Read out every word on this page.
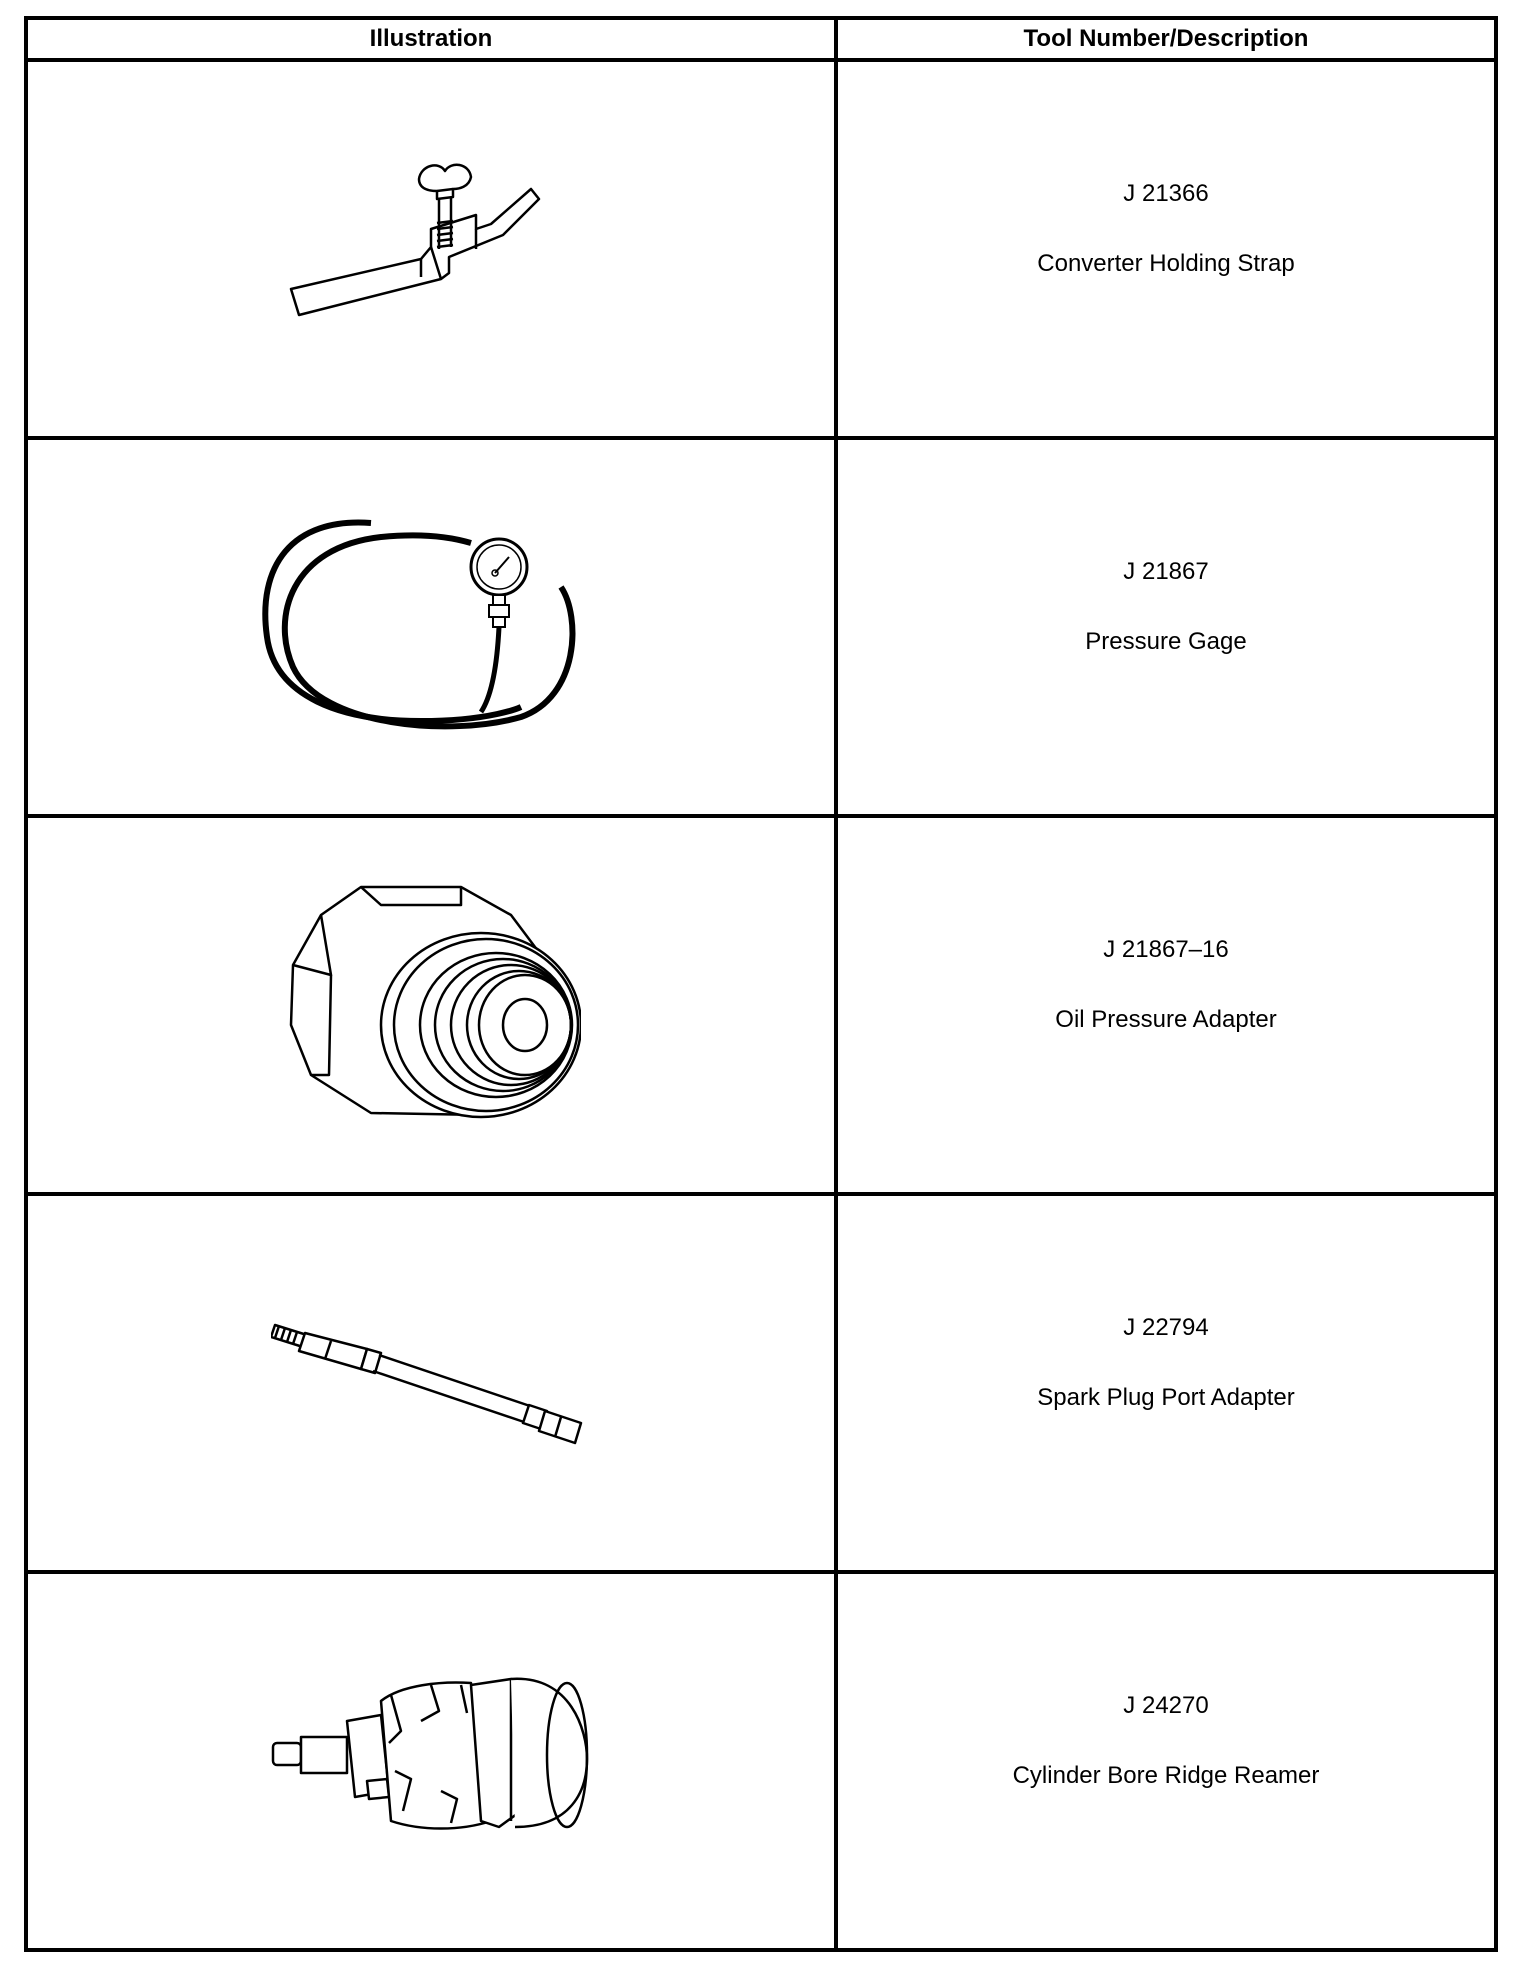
Illustration	Tool Number/Description

J 21366
Converter Holding Strap

J 21867
Pressure Gage

J 21867–16
Oil Pressure Adapter

J 22794
Spark Plug Port Adapter

J 24270
Cylinder Bore Ridge Reamer
